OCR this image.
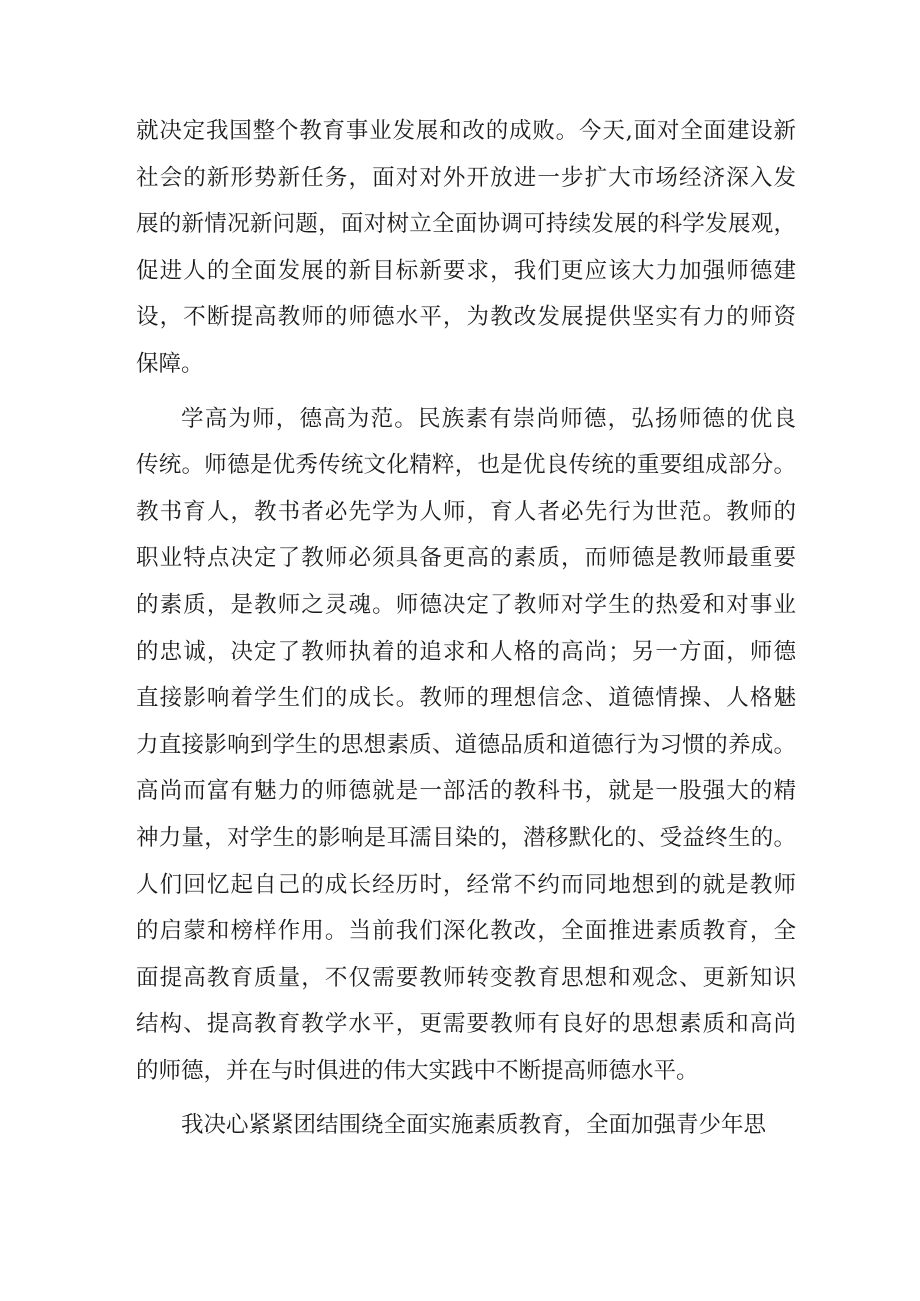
就决定我国整个教育事业发展和改的成败。今天,面对全面建设新
社会的新形势新任务，面对对外开放进一步扩大市场经济深入发
展的新情况新问题，面对树立全面协调可持续发展的科学发展观，
促进人的全面发展的新目标新要求，我们更应该大力加强师德建
设，不断提高教师的师德水平，为教改发展提供坚实有力的师资
保障。
学高为师，德高为范。民族素有崇尚师德，弘扬师德的优良
传统。师德是优秀传统文化精粹，也是优良传统的重要组成部分。
教书育人，教书者必先学为人师，育人者必先行为世范。教师的
职业特点决定了教师必须具备更高的素质，而师德是教师最重要
的素质，是教师之灵魂。师德决定了教师对学生的热爱和对事业
的忠诚，决定了教师执着的追求和人格的高尚；另一方面，师德
直接影响着学生们的成长。教师的理想信念、道德情操、人格魅
力直接影响到学生的思想素质、道德品质和道德行为习惯的养成。
高尚而富有魅力的师德就是一部活的教科书，就是一股强大的精
神力量，对学生的影响是耳濡目染的，潜移默化的、受益终生的。
人们回忆起自己的成长经历时，经常不约而同地想到的就是教师
的启蒙和榜样作用。当前我们深化教改，全面推进素质教育，全
面提高教育质量，不仅需要教师转变教育思想和观念、更新知识
结构、提高教育教学水平，更需要教师有良好的思想素质和高尚
的师德，并在与时俱进的伟大实践中不断提高师德水平。
我决心紧紧团结围绕全面实施素质教育，全面加强青少年思
